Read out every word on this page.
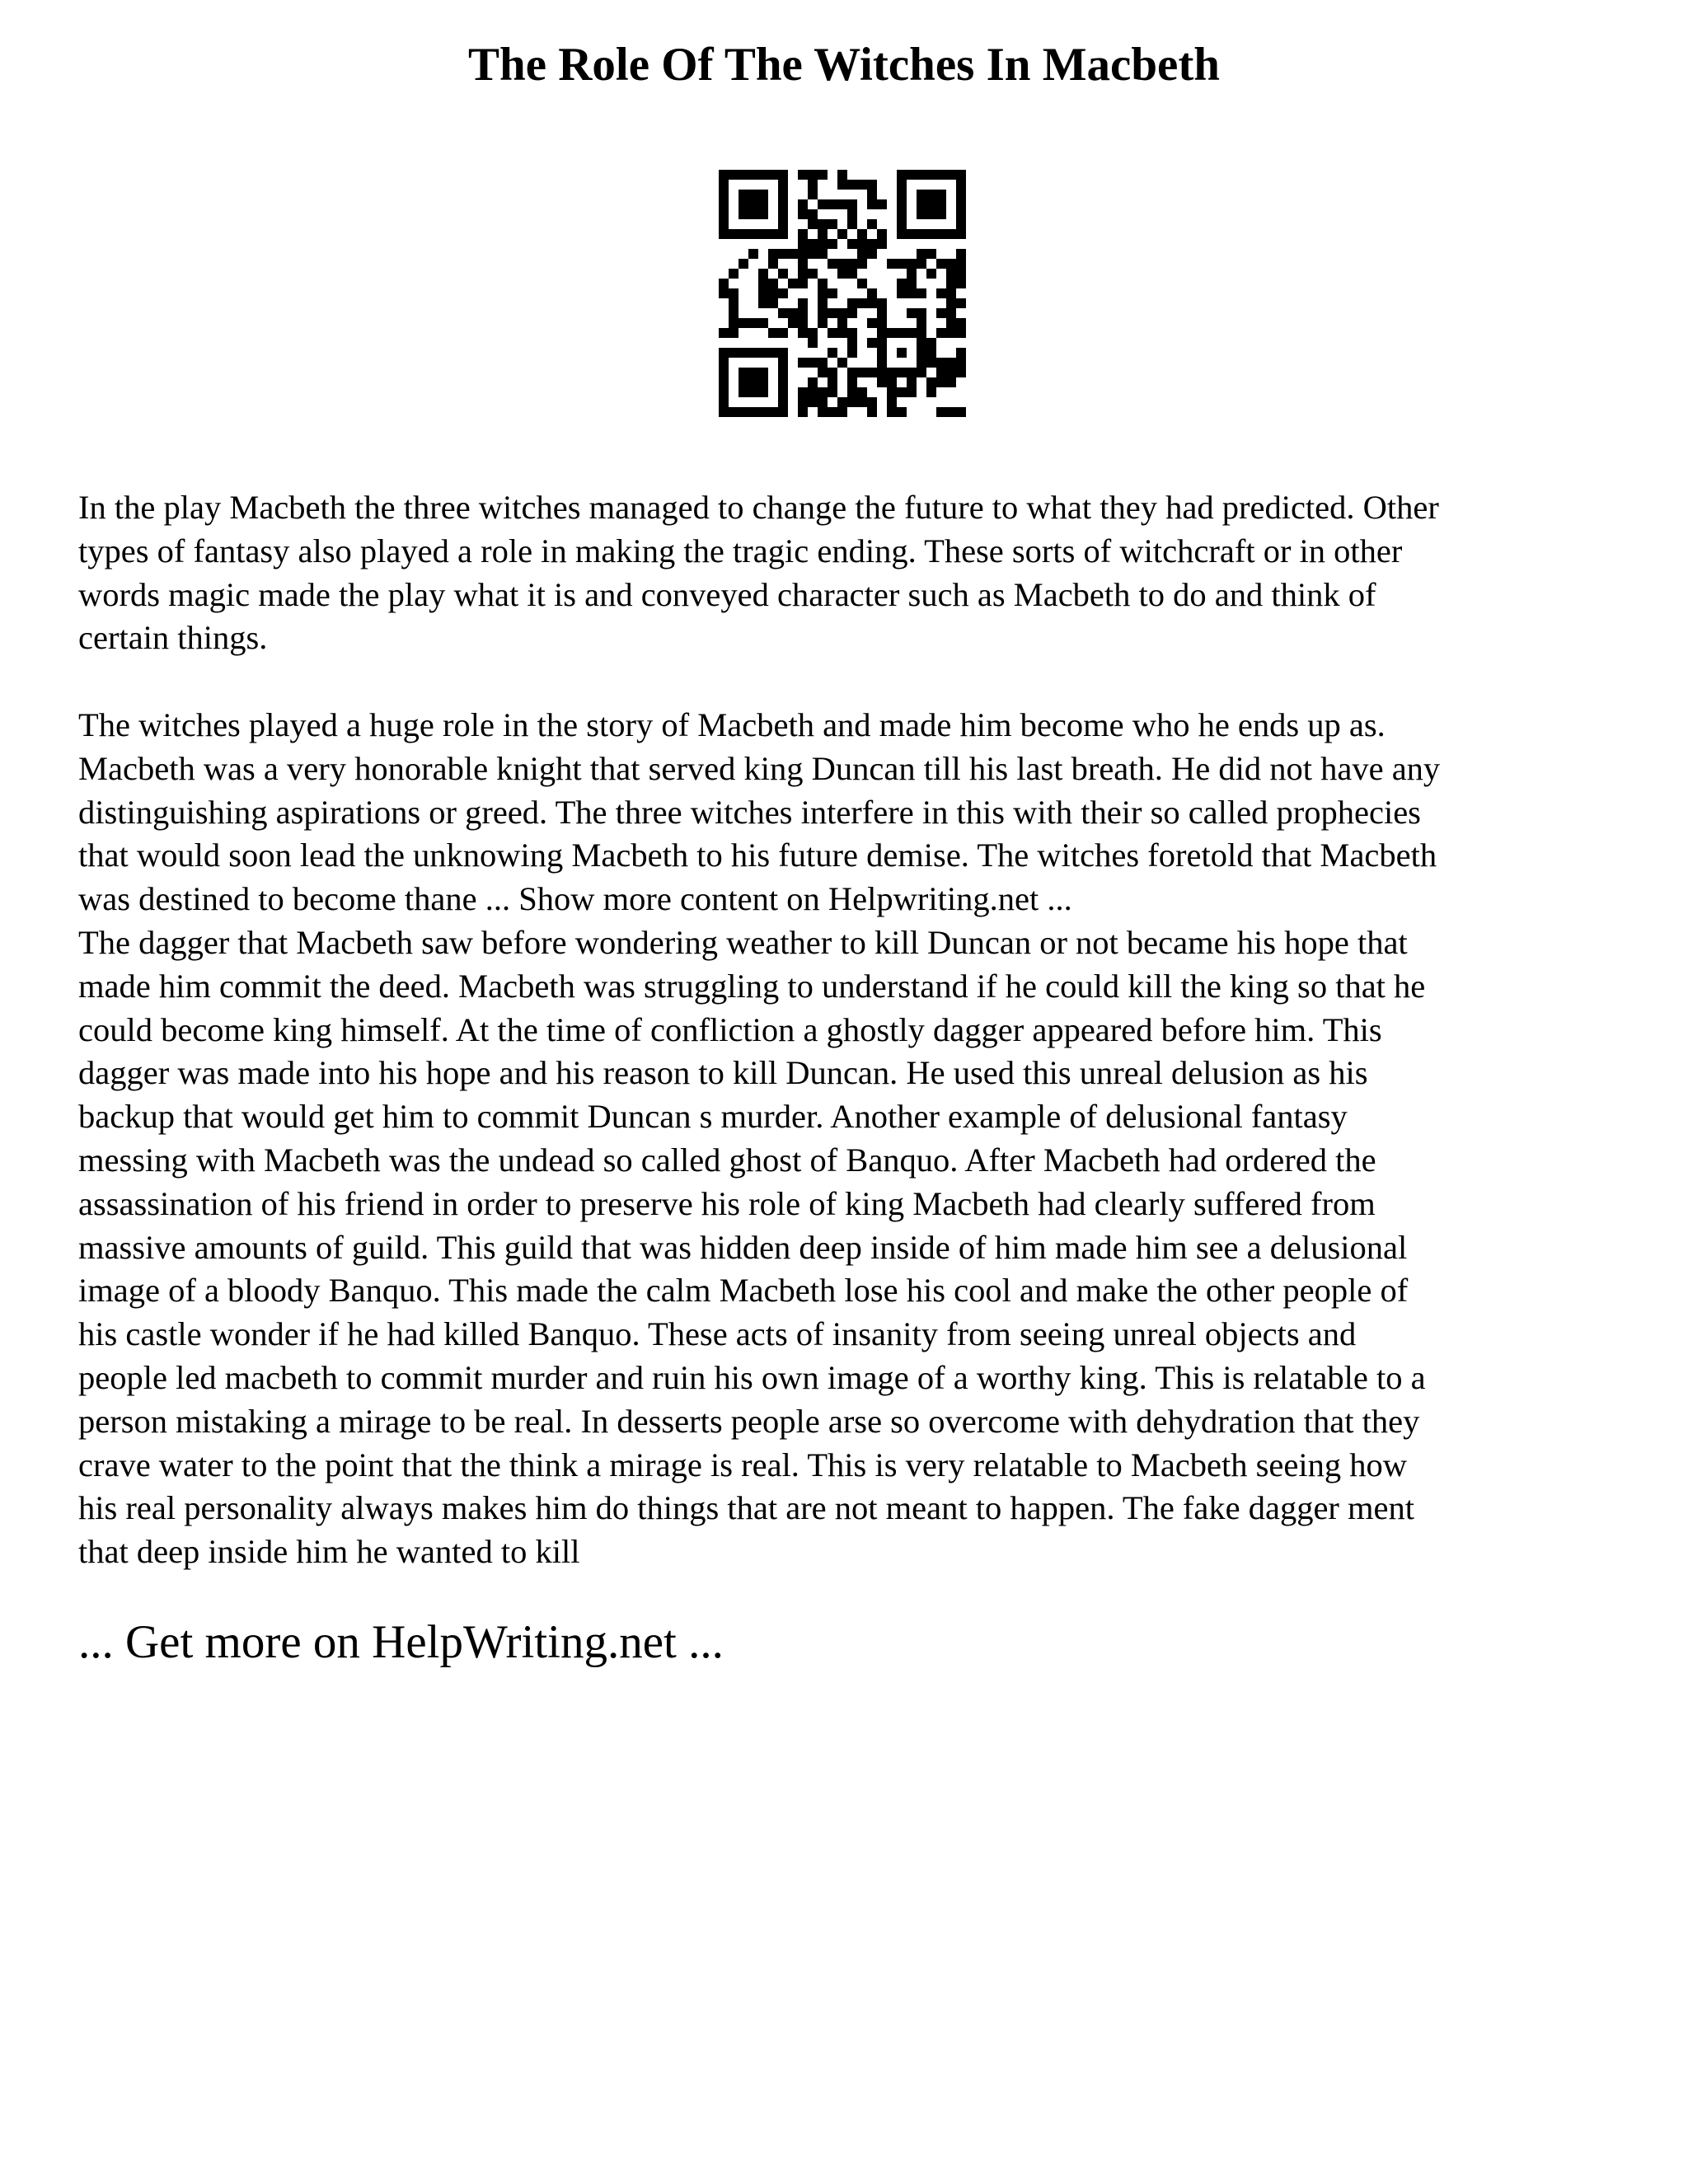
The Role Of The Witches In Macbeth
In the play Macbeth the three witches managed to change the future to what they had predicted. Other
types of fantasy also played a role in making the tragic ending. These sorts of witchcraft or in other
words magic made the play what it is and conveyed character such as Macbeth to do and think of
certain things.
The witches played a huge role in the story of Macbeth and made him become who he ends up as.
Macbeth was a very honorable knight that served king Duncan till his last breath. He did not have any
distinguishing aspirations or greed. The three witches interfere in this with their so called prophecies
that would soon lead the unknowing Macbeth to his future demise. The witches foretold that Macbeth
was destined to become thane ... Show more content on Helpwriting.net ...
The dagger that Macbeth saw before wondering weather to kill Duncan or not became his hope that
made him commit the deed. Macbeth was struggling to understand if he could kill the king so that he
could become king himself. At the time of confliction a ghostly dagger appeared before him. This
dagger was made into his hope and his reason to kill Duncan. He used this unreal delusion as his
backup that would get him to commit Duncan s murder. Another example of delusional fantasy
messing with Macbeth was the undead so called ghost of Banquo. After Macbeth had ordered the
assassination of his friend in order to preserve his role of king Macbeth had clearly suffered from
massive amounts of guild. This guild that was hidden deep inside of him made him see a delusional
image of a bloody Banquo. This made the calm Macbeth lose his cool and make the other people of
his castle wonder if he had killed Banquo. These acts of insanity from seeing unreal objects and
people led macbeth to commit murder and ruin his own image of a worthy king. This is relatable to a
person mistaking a mirage to be real. In desserts people arse so overcome with dehydration that they
crave water to the point that the think a mirage is real. This is very relatable to Macbeth seeing how
his real personality always makes him do things that are not meant to happen. The fake dagger ment
that deep inside him he wanted to kill

... Get more on HelpWriting.net ...
